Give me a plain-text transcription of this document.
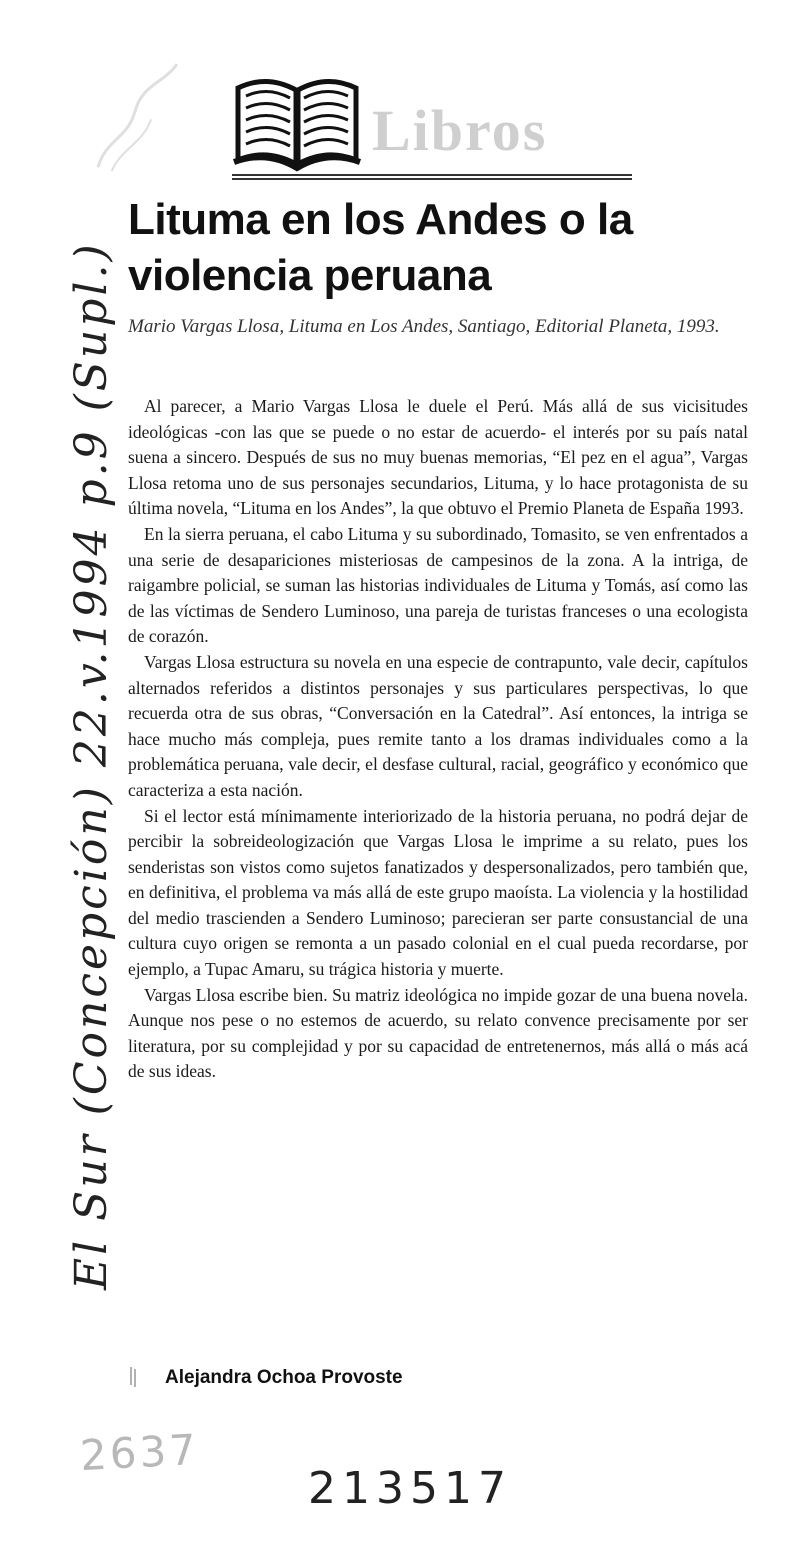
Libros
Lituma en los Andes o la violencia peruana
Mario Vargas Llosa, Lituma en Los Andes, Santiago, Editorial Planeta, 1993.

Al parecer, a Mario Vargas Llosa le duele el Perú. Más allá de sus vicisitudes ideológicas -con las que se puede o no estar de acuerdo- el interés por su país natal suena a sincero. Después de sus no muy buenas memorias, “El pez en el agua”, Vargas Llosa retoma uno de sus personajes secundarios, Lituma, y lo hace protagonista de su última novela, “Lituma en los Andes”, la que obtuvo el Premio Planeta de España 1993.

En la sierra peruana, el cabo Lituma y su subordinado, Tomasito, se ven enfrentados a una serie de desapariciones misteriosas de campesinos de la zona. A la intriga, de raigambre policial, se suman las historias individuales de Lituma y Tomás, así como las de las víctimas de Sendero Luminoso, una pareja de turistas franceses o una ecologista de corazón.

Vargas Llosa estructura su novela en una especie de contrapunto, vale decir, capítulos alternados referidos a distintos personajes y sus particulares perspectivas, lo que recuerda otra de sus obras, “Conversación en la Catedral”. Así entonces, la intriga se hace mucho más compleja, pues remite tanto a los dramas individuales como a la problemática peruana, vale decir, el desfase cultural, racial, geográfico y económico que caracteriza a esta nación.

Si el lector está mínimamente interiorizado de la historia peruana, no podrá dejar de percibir la sobreideologización que Vargas Llosa le imprime a su relato, pues los senderistas son vistos como sujetos fanatizados y despersonalizados, pero también que, en definitiva, el problema va más allá de este grupo maoísta. La violencia y la hostilidad del medio trascienden a Sendero Luminoso; parecieran ser parte consustancial de una cultura cuyo origen se remonta a un pasado colonial en el cual pueda recordarse, por ejemplo, a Tupac Amaru, su trágica historia y muerte.

Vargas Llosa escribe bien. Su matriz ideológica no impide gozar de una buena novela. Aunque nos pese o no estemos de acuerdo, su relato convence precisamente por ser literatura, por su complejidad y por su capacidad de entretenernos, más allá o más acá de sus ideas.

Alejandra Ochoa Provoste
El Sur (Concepción) 22.v.1994 p.9 (Supl.)
2637
213517
